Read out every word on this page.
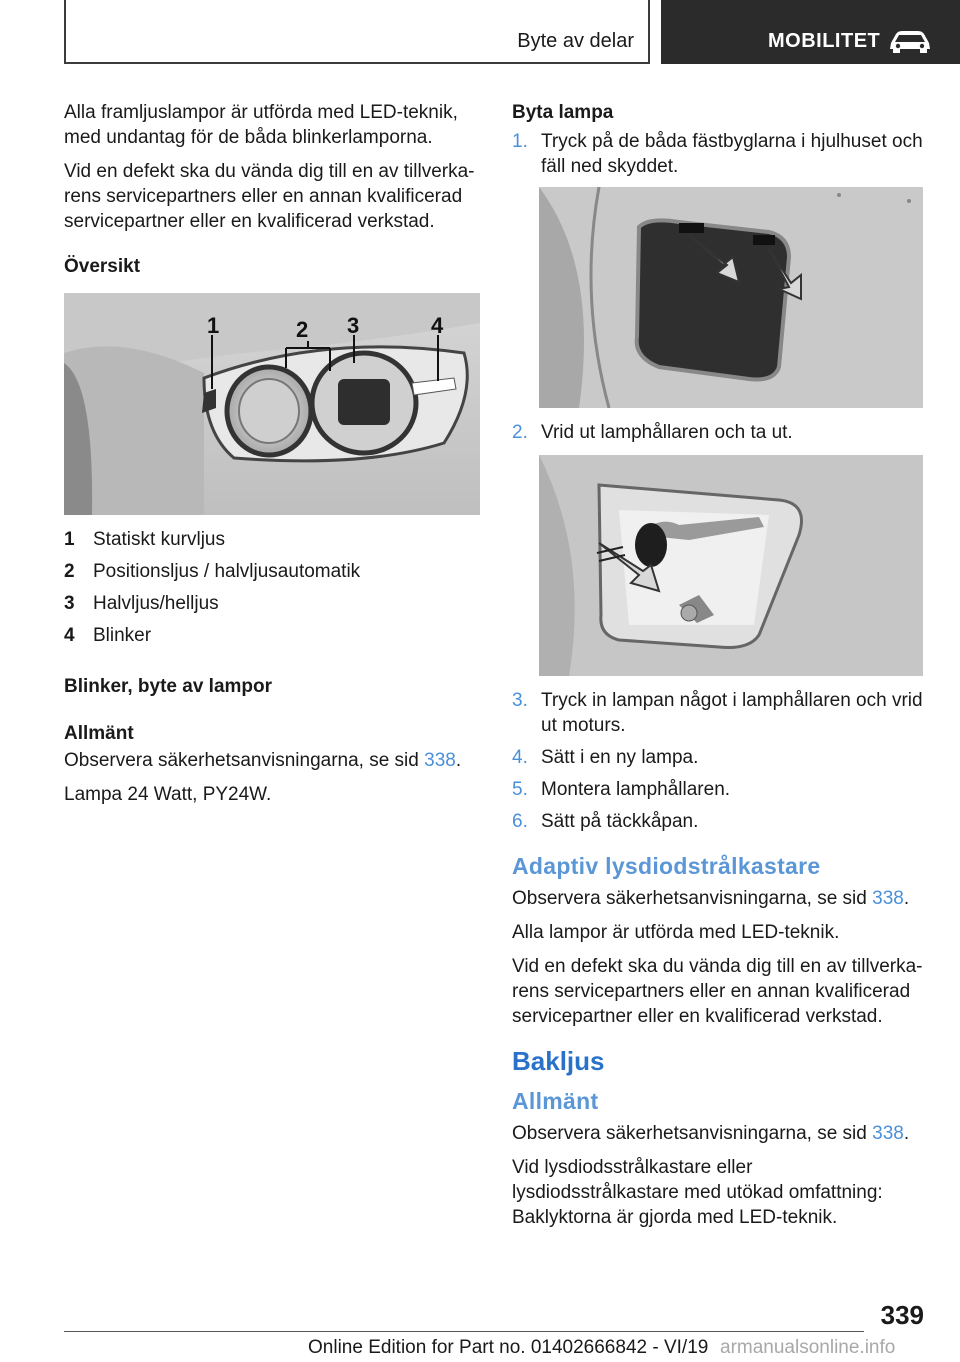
Byte av delar	MOBILITET

Alla framljuslampor är utförda med LED-teknik, med undantag för de båda blinkerlamporna.

Vid en defekt ska du vända dig till en av tillverka-rens servicepartners eller en annan kvalificerad servicepartner eller en kvalificerad verkstad.

Översikt
1	2 3	4
1 Statiskt kurvljus
2 Positionsljus / halvljusautomatik
3 Halvljus/helljus
4 Blinker
Blinker, byte av lampor
Allmänt

Observera säkerhetsanvisningarna, se sid 338.

Lampa 24 Watt, PY24W.

Byta lampa
1. Tryck på de båda fästbyglarna i hjulhuset och fäll ned skyddet.
2. Vrid ut lamphållaren och ta ut.
3. Tryck in lampan något i lamphållaren och vrid ut moturs.
4. Sätt i en ny lampa.
5. Montera lamphållaren.
6. Sätt på täckkåpan.
Adaptiv lysdiodstrålkastare

Observera säkerhetsanvisningarna, se sid 338.

Alla lampor är utförda med LED-teknik.

Vid en defekt ska du vända dig till en av tillverka-rens servicepartners eller en annan kvalificerad servicepartner eller en kvalificerad verkstad.

Bakljus
Allmänt

Observera säkerhetsanvisningarna, se sid 338.

Vid lysdiodsstrålkastare eller lysdiodsstrålkastare med utökad omfattning: Baklyktorna är gjorda med LED-teknik.

339
Online Edition for Part no. 01402666842 - VI/19 armanualsonline.info
